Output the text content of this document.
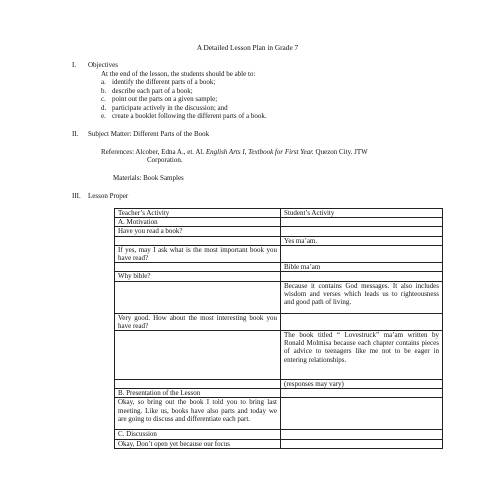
A Detailed Lesson Plan in Grade 7
I. Objectives
At the end of the lesson, the students should be able to:
a. identify the different parts of a book;
b. describe each part of a book;
c. point out the parts on a given sample;
d. participate actively in the discussion; and
e. create a booklet following the different parts of a book.
II. Subject Matter: Different Parts of the Book
References: Alcober, Edna A., et. Al. English Arts I, Textbook for First Year. Quezon City. JTW
Corporation.
Materials: Book Samples
III. Lesson Proper
Teacher’s Activity	Student’s Activity
A. Motivation	
Have you read a book?	
	Yes ma’am.
If yes, may I ask what is the most important book you have read?	
	Bible ma’am
Why bible?	
	Because it contains God messages. It also includes wisdom and verses which leads us to righteousness and good path of living.
Very good. How about the most interesting book you have read?	
	The book titled “ Lovestruck” ma’am written by Ronald Molmisa because each chapter contains pieces of advice to teenagers like me not to be eager in entering relationships.
	(responses may vary)
B. Presentation of the Lesson	
Okay, so bring out the book I told you to bring last meeting. Like us, books have also parts and today we are going to discuss and differentiate each part.	
C. Discussion	
Okay, Don’t open yet because our focus	
